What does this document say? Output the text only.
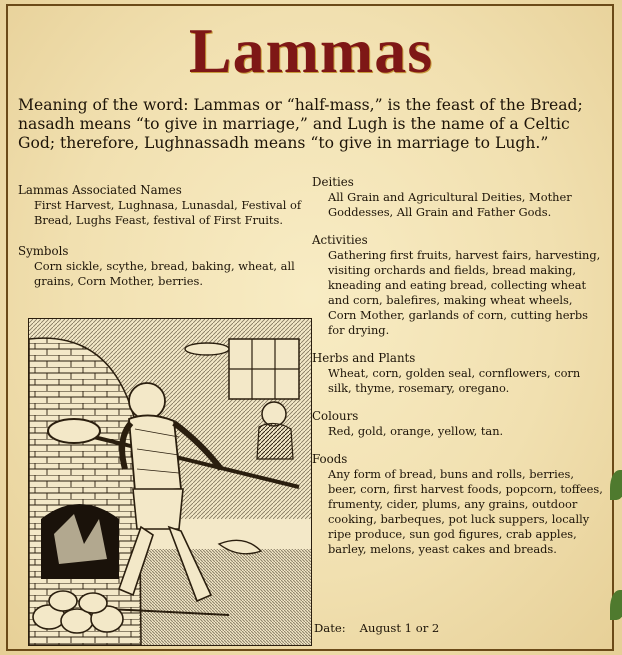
Lammas

Meaning of the word: Lammas or “half-mass,” is the feast of the Bread; nasadh means “to give in marriage,” and Lugh is the name of a Celtic God; therefore, Lughnassadh means “to give in marriage to Lugh.”

Lammas Associated Names

First Harvest, Lughnasa, Lunasdal, Festival of Bread, Lughs Feast, festival of First Fruits.

Symbols

Corn sickle, scythe, bread, baking, wheat, all grains, Corn Mother, berries.

Deities

All Grain and Agricultural Deities, Mother Goddesses, All Grain and Father Gods.

Activities

Gathering first fruits, harvest fairs, harvesting, visiting orchards and fields, bread making, kneading and eating bread, collecting wheat and corn, balefires, making wheat wheels, Corn Mother, garlands of corn, cutting herbs for drying.

Herbs and Plants

Wheat, corn, golden seal, cornflowers, corn silk, thyme, rosemary, oregano.

Colours

Red, gold, orange, yellow, tan.

Foods

Any form of bread, buns and rolls, berries, beer, corn, first harvest foods, popcorn, toffees, frumenty, cider, plums, any grains, outdoor cooking, barbeques, pot luck suppers, locally ripe produce, sun god figures, crab apples, barley, melons, yeast cakes and breads.

Date: August 1 or 2
